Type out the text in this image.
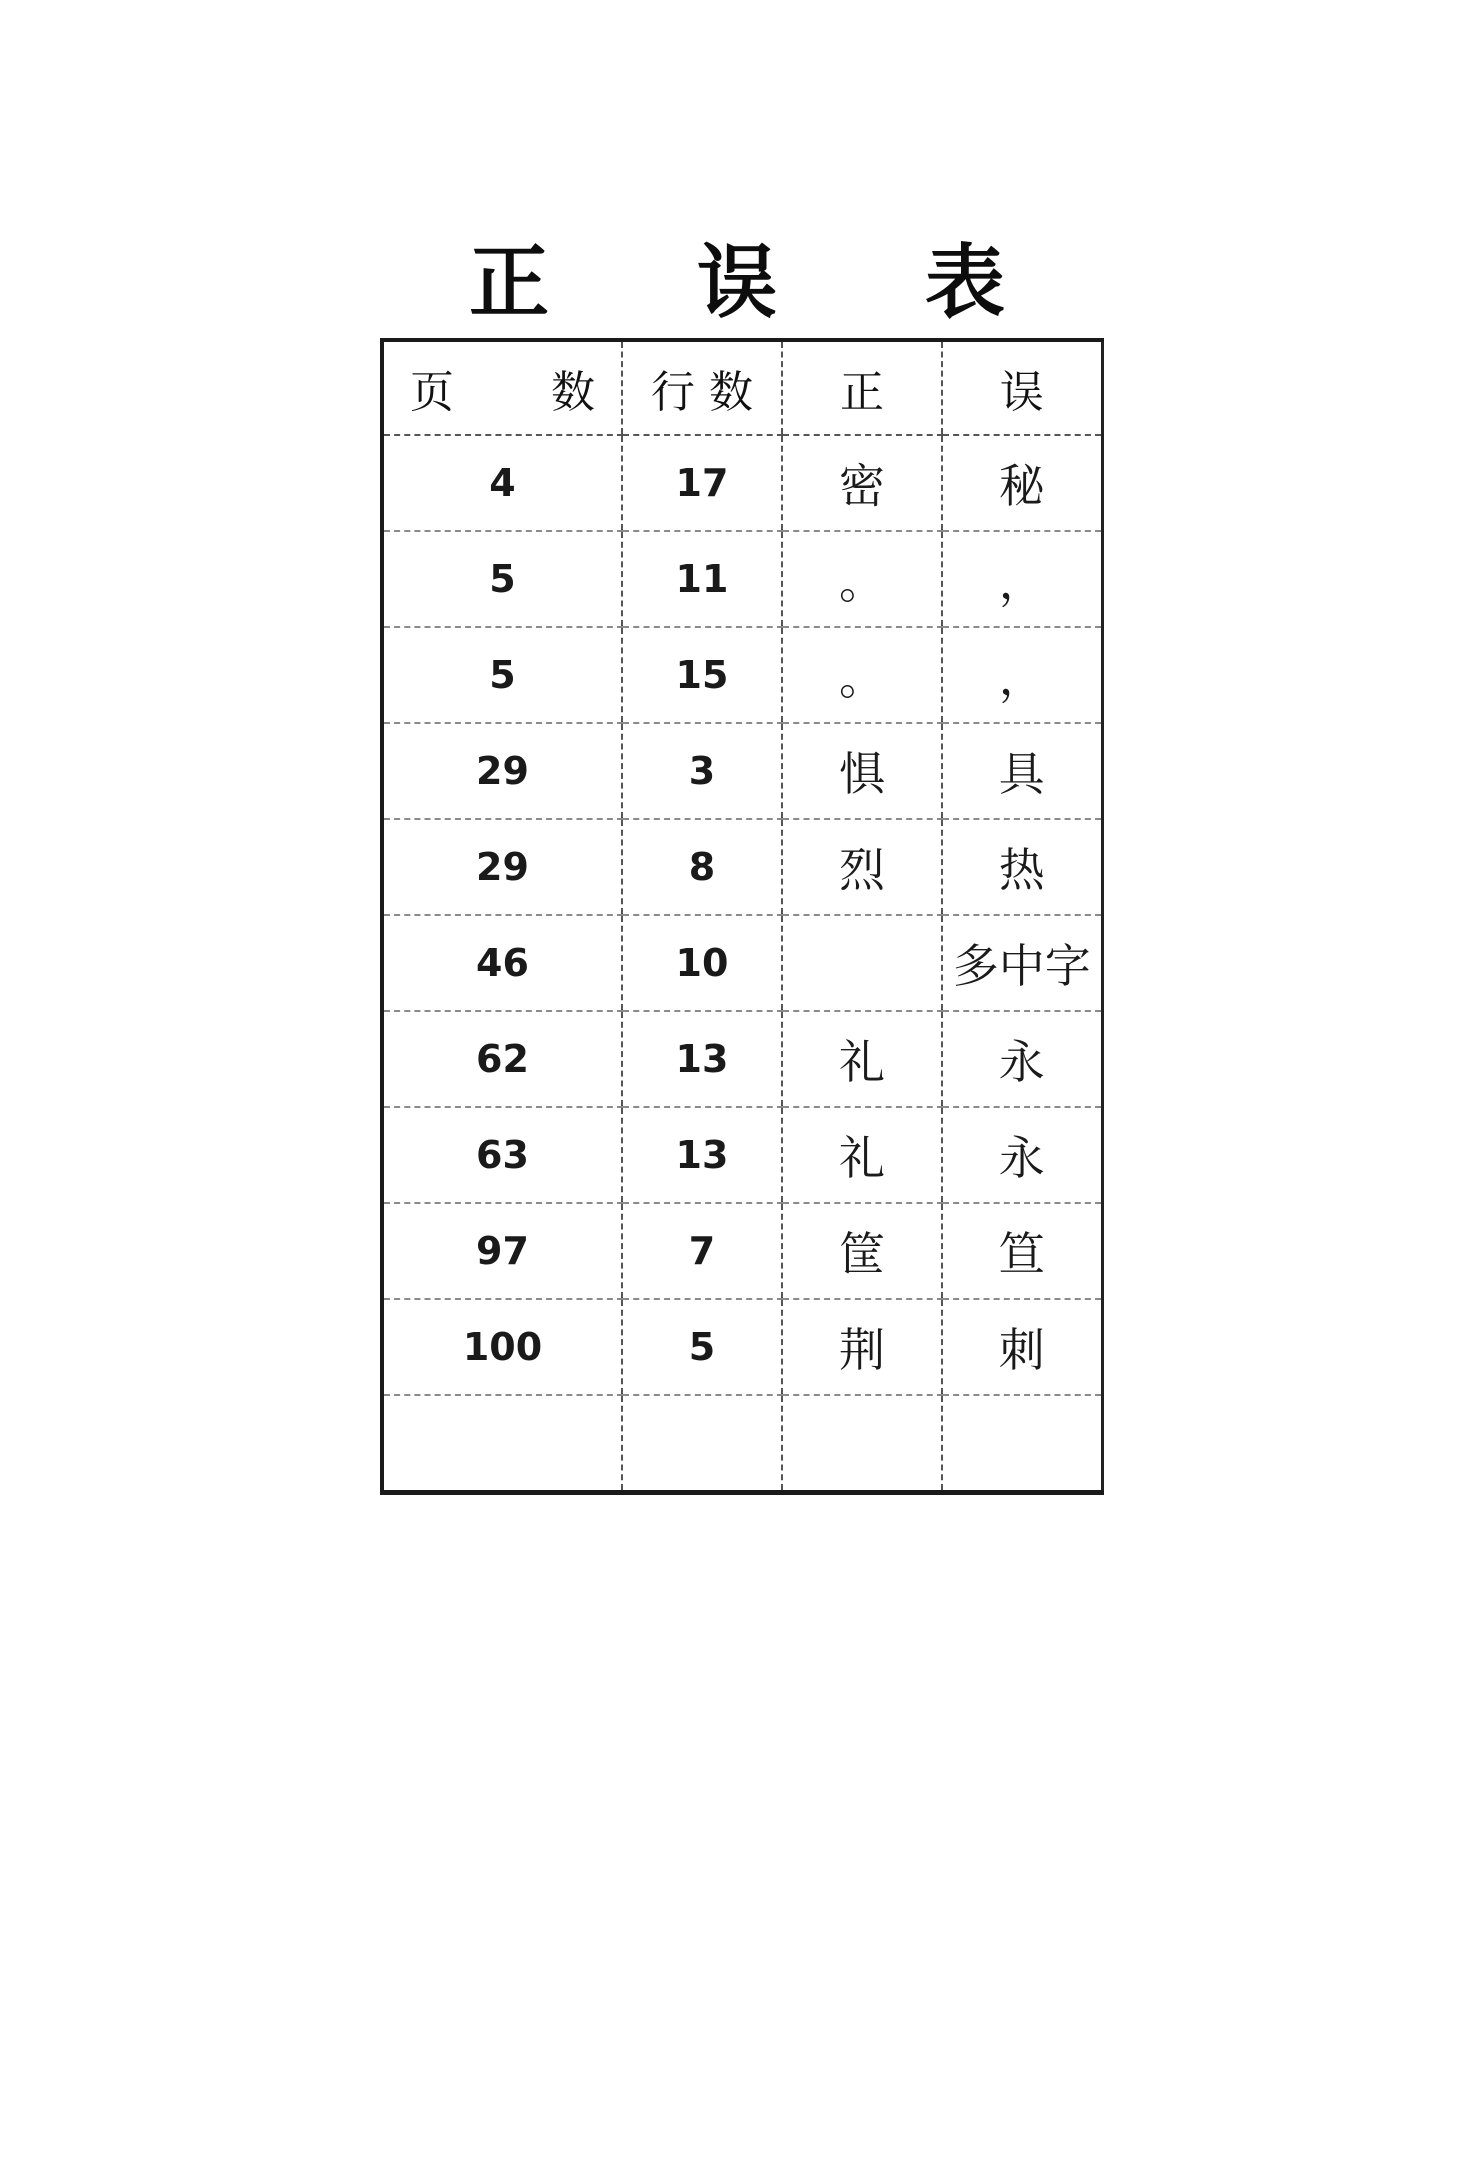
正 误 表
页 数	行数	正	误
4	17	密	秘
5	11	。	，
5	15	。	，
29	3	惧	具
29	8	烈	热
46	10		多中字
62	13	礼	永
63	13	礼	永
97	7	筐	笪
100	5	荆	刺
